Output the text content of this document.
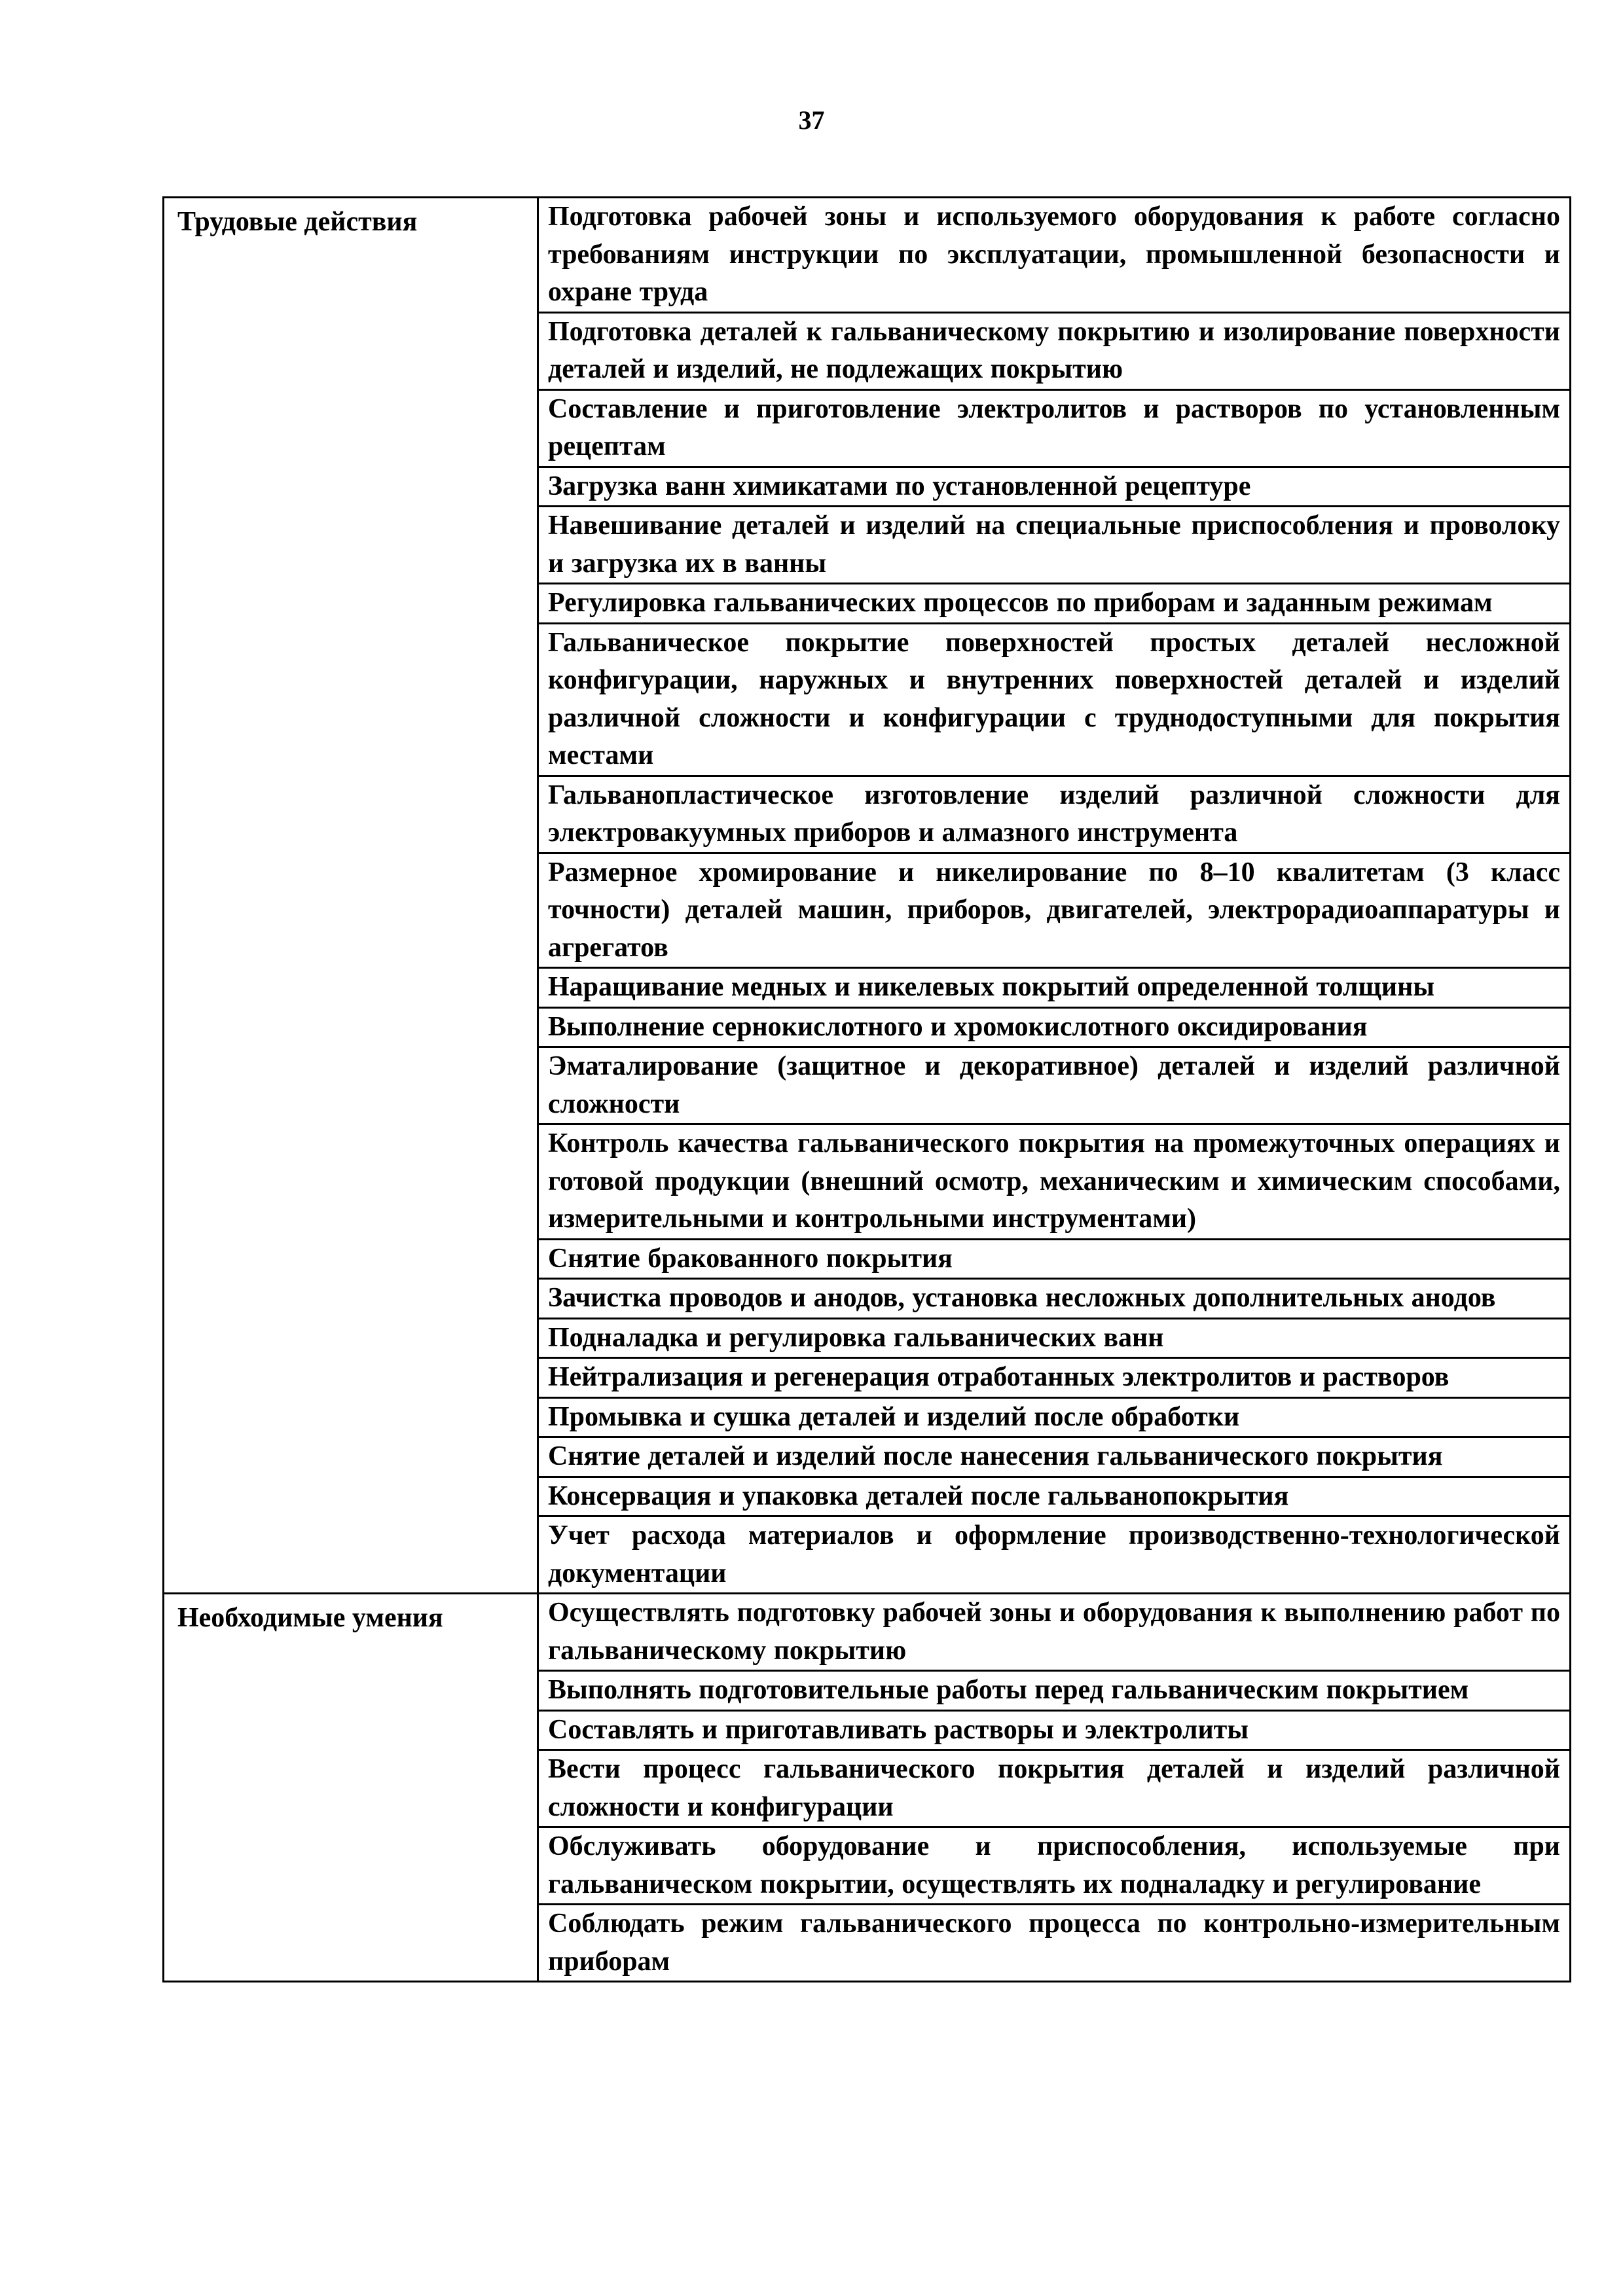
37
Трудовые действия	Подготовка рабочей зоны и используемого оборудования к работе согласно требованиям инструкции по эксплуатации, промышленной безопасности и охране труда
Подготовка деталей к гальваническому покрытию и изолирование поверхности деталей и изделий, не подлежащих покрытию
Составление и приготовление электролитов и растворов по установленным рецептам
Загрузка ванн химикатами по установленной рецептуре
Навешивание деталей и изделий на специальные приспособления и проволоку и загрузка их в ванны
Регулировка гальванических процессов по приборам и заданным режимам
Гальваническое покрытие поверхностей простых деталей несложной конфигурации, наружных и внутренних поверхностей деталей и изделий различной сложности и конфигурации с труднодоступными для покрытия местами
Гальванопластическое изготовление изделий различной сложности для электровакуумных приборов и алмазного инструмента
Размерное хромирование и никелирование по 8–10 квалитетам (3 класс точности) деталей машин, приборов, двигателей, электрорадиоаппаратуры и агрегатов
Наращивание медных и никелевых покрытий определенной толщины
Выполнение сернокислотного и хромокислотного оксидирования
Эматалирование (защитное и декоративное) деталей и изделий различной сложности
Контроль качества гальванического покрытия на промежуточных операциях и готовой продукции (внешний осмотр, механическим и химическим способами, измерительными и контрольными инструментами)
Снятие бракованного покрытия
Зачистка проводов и анодов, установка несложных дополнительных анодов
Подналадка и регулировка гальванических ванн
Нейтрализация и регенерация отработанных электролитов и растворов
Промывка и сушка деталей и изделий после обработки
Снятие деталей и изделий после нанесения гальванического покрытия
Консервация и упаковка деталей после гальванопокрытия
Учет расхода материалов и оформление производственно-технологической документации
Необходимые умения	Осуществлять подготовку рабочей зоны и оборудования к выполнению работ по гальваническому покрытию
Выполнять подготовительные работы перед гальваническим покрытием
Составлять и приготавливать растворы и электролиты
Вести процесс гальванического покрытия деталей и изделий различной сложности и конфигурации
Обслуживать оборудование и приспособления, используемые при гальваническом покрытии, осуществлять их подналадку и регулирование
Соблюдать режим гальванического процесса по контрольно-измерительным приборам
